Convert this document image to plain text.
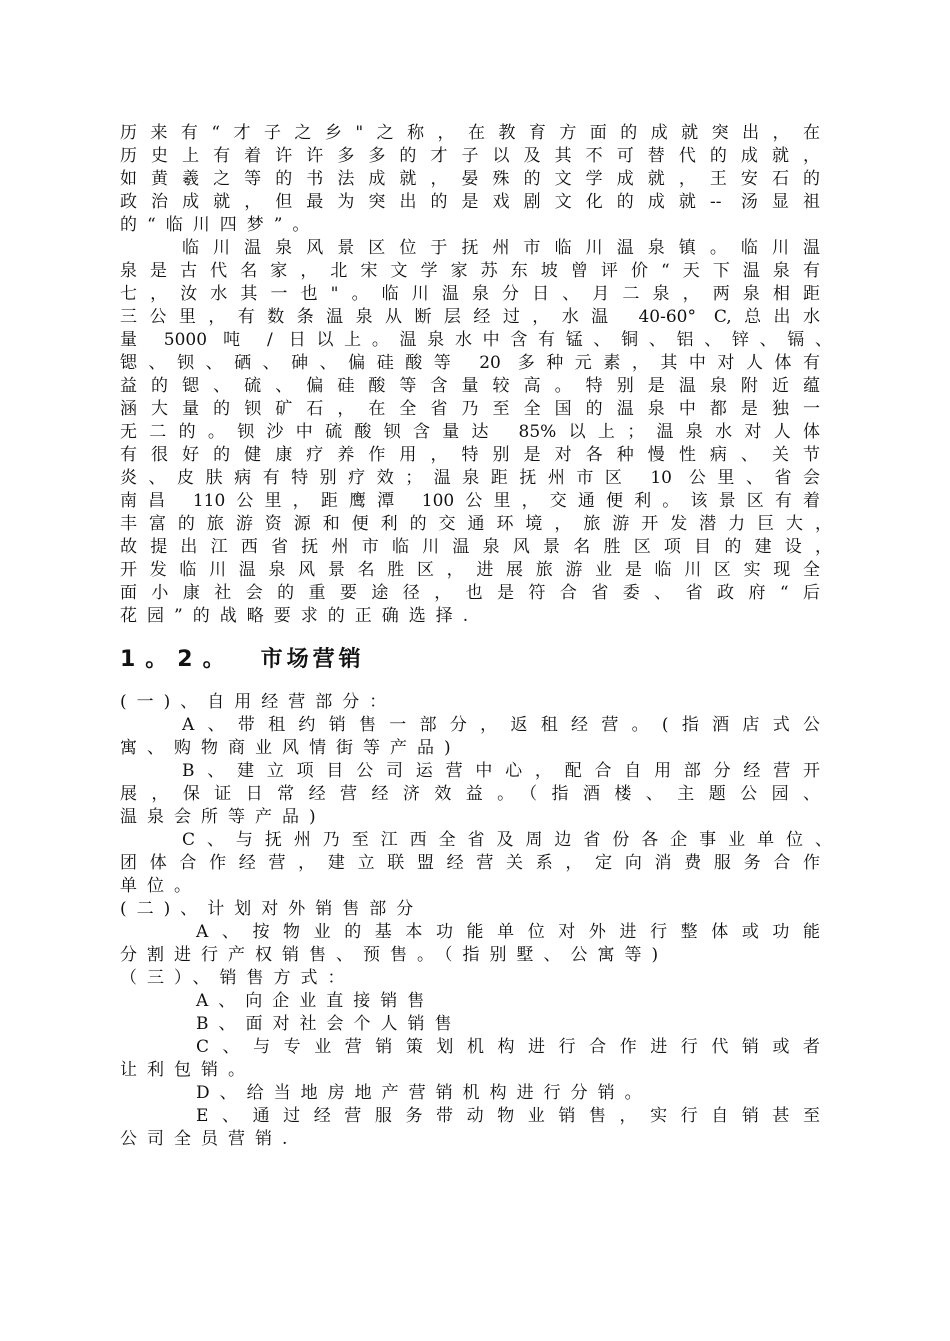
历来有“才子之乡"之称，在教育方面的成就突出，在
历史上有着许许多多的才子以及其不可替代的成就，
如黄羲之等的书法成就，晏殊的文学成就，王安石的
政治成就，但最为突出的是戏剧文化的成就-- 汤显祖
的“临川四梦”。
临川温泉风景区位于抚州市临川温泉镇。临川温
泉是古代名家，北宋文学家苏东坡曾评价“天下温泉有
七，汝水其一也"。临川温泉分日、月二泉，两泉相距
三公里，有数条温泉从断层经过，水温 40-60° C,总出水
量 5000 吨 / 日以上。温泉水中含有锰、铜、铝、锌、镉、
锶、钡、硒、砷、偏硅酸等 20 多种元素，其中对人体有
益的锶、硫、偏硅酸等含量较高。特别是温泉附近蕴
涵大量的钡矿石，在全省乃至全国的温泉中都是独一
无二的。钡沙中硫酸钡含量达 85%以上；温泉水对人体
有很好的健康疗养作用，特别是对各种慢性病、关节
炎、皮肤病有特别疗效；温泉距抚州市区 10 公里、省会
南昌 110公里，距鹰潭 100公里，交通便利。该景区有着
丰富的旅游资源和便利的交通环境，旅游开发潜力巨大，
故提出江西省抚州市临川温泉风景名胜区项目的建设，
开发临川温泉风景名胜区，进展旅游业是临川区实现全
面小康社会的重要途径，也是符合省委、省政府“后
花园”的战略要求的正确选择.
1。2。 市场营销
(一)、自用经营部分：
A、带租约销售一部分，返租经营。(指酒店式公
寓、购物商业风情街等产品)
B、建立项目公司运营中心，配合自用部分经营开
展，保证日常经营经济效益。（指酒楼、主题公园、
温泉会所等产品)
C、与抚州乃至江西全省及周边省份各企事业单位、
团体合作经营，建立联盟经营关系，定向消费服务合作
单位。
(二)、计划对外销售部分
A、按物业的基本功能单位对外进行整体或功能
分割进行产权销售、预售。（指别墅、公寓等)
（三）、销售方式：
A、向企业直接销售
B、面对社会个人销售
C、与专业营销策划机构进行合作进行代销或者
让利包销。
D、给当地房地产营销机构进行分销。
E、通过经营服务带动物业销售，实行自销甚至
公司全员营销.
